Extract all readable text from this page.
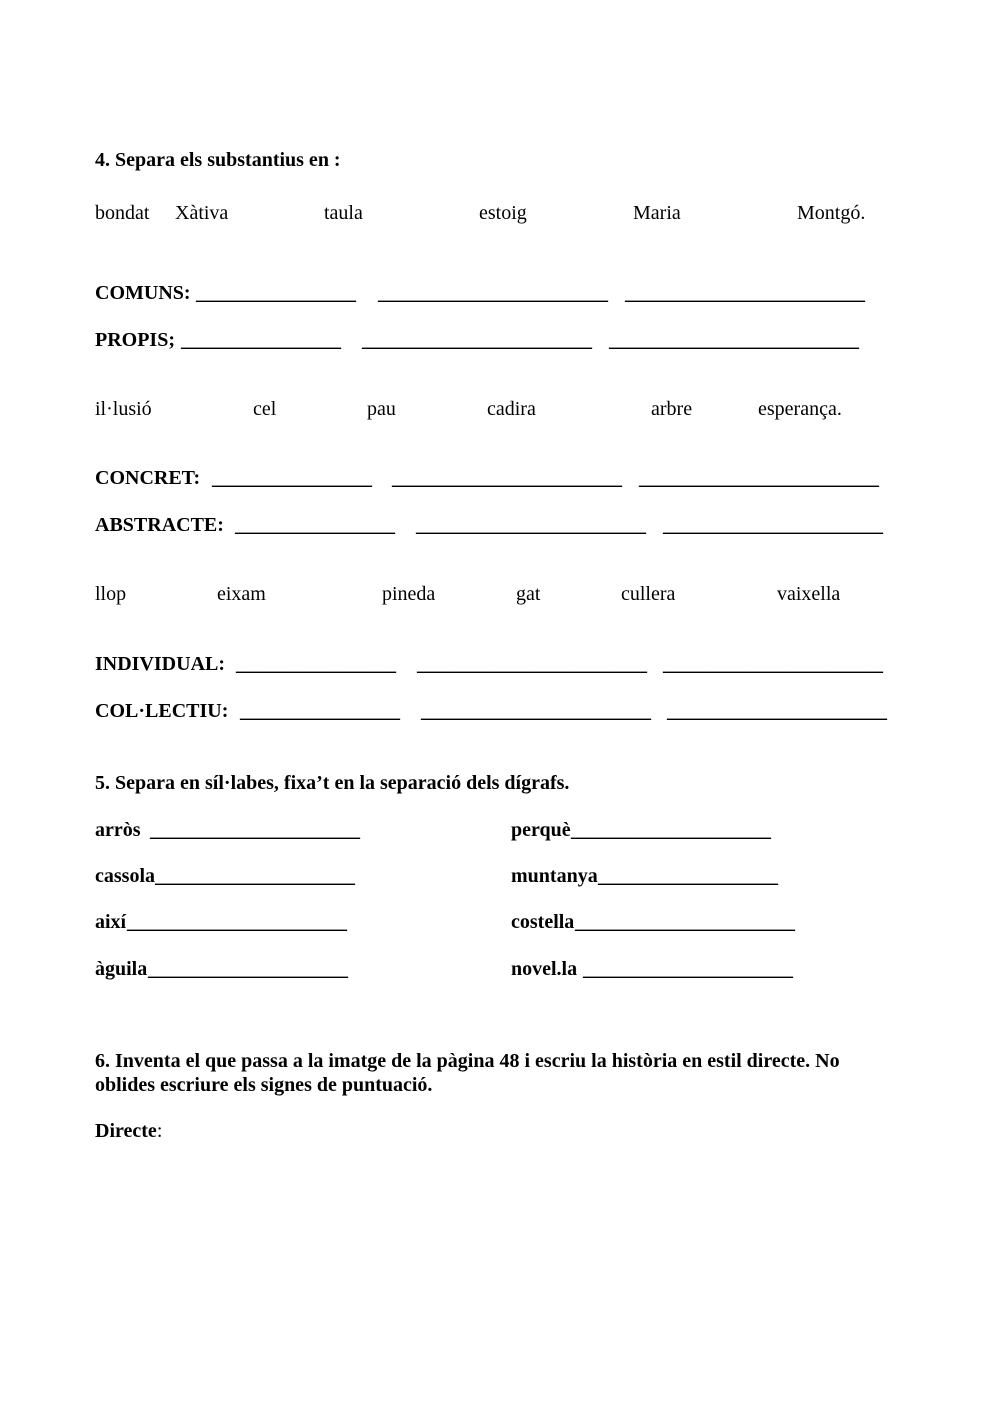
4. Separa els substantius en :
bondat Xàtiva	taula	estoig	Maria	Montgó.
COMUNS: ________________ _______________________ ________________________
PROPIS; ________________ _______________________ _________________________
il·lusió	cel	pau	cadira	arbre	esperança.
CONCRET: ________________ _______________________ ________________________
ABSTRACTE: ________________ _______________________ ______________________
llop	eixam	pineda	gat	cullera	vaixella
INDIVIDUAL: ________________ _______________________ ______________________
COL·LECTIU: ________________ _______________________ ______________________
5. Separa en síl·labes, fixa’t en la separació dels dígrafs.
arròs _____________________	perquè ____________________
cassola ____________________	muntanya __________________
així ______________________	costella ______________________
àguila ____________________	novel.la _____________________
6. Inventa el que passa a la imatge de la pàgina 48 i escriu la història en estil directe. No
oblides escriure els signes de puntuació.
Directe:
